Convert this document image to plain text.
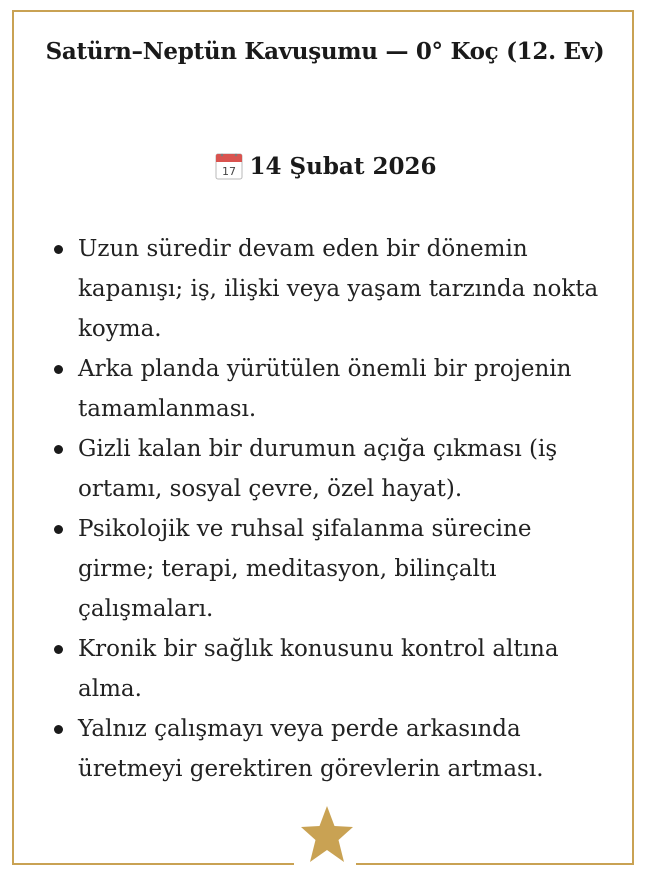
Satürn–Neptün Kavuşumu — 0° Koç (12. Ev)
17 14 Şubat 2026
Uzun süredir devam eden bir dönemin kapanışı; iş, ilişki veya yaşam tarzında nokta koyma.
Arka planda yürütülen önemli bir projenin tamamlanması.
Gizli kalan bir durumun açığa çıkması (iş ortamı, sosyal çevre, özel hayat).
Psikolojik ve ruhsal şifalanma sürecine girme; terapi, meditasyon, bilinçaltı çalışmaları.
Kronik bir sağlık konusunu kontrol altına alma.
Yalnız çalışmayı veya perde arkasında üretmeyi gerektiren görevlerin artması.
